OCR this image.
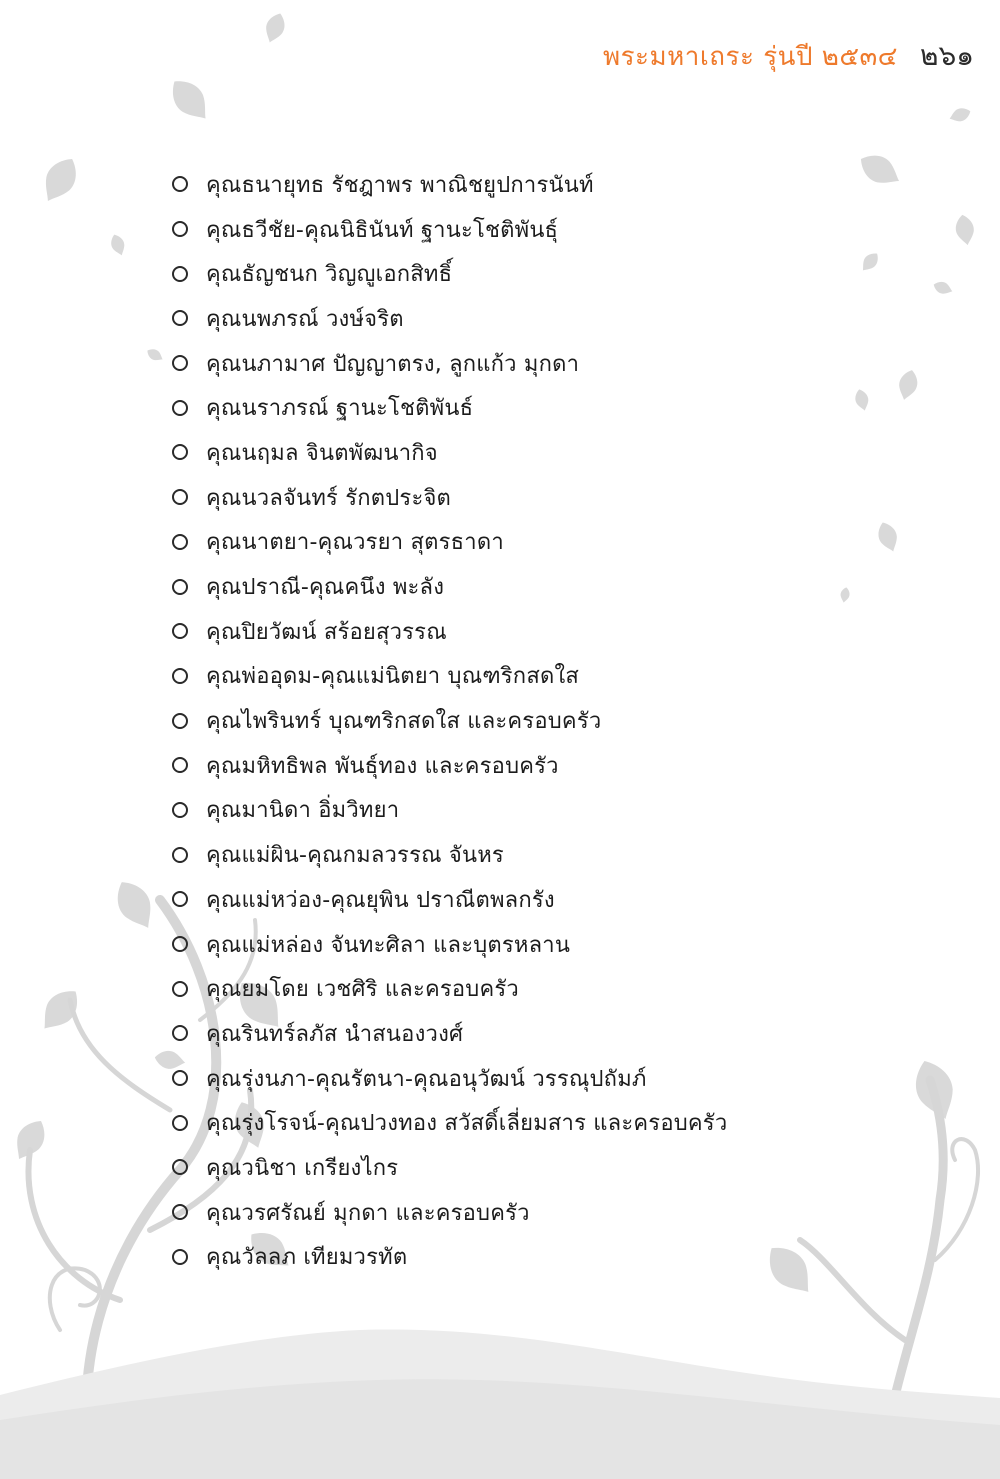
พระมหาเถระ รุ่นปี ๒๕๓๔ ๒๖๑
คุณธนายุทธ รัชฎาพร พาณิชยูปการนันท์
คุณธวีชัย-คุณนิธินันท์ ฐานะโชติพันธุ์
คุณธัญชนก วิญญูเอกสิทธิ์
คุณนพภรณ์ วงษ์จริต
คุณนภามาศ ปัญญาตรง, ลูกแก้ว มุกดา
คุณนราภรณ์ ฐานะโชติพันธ์
คุณนฤมล จินตพัฒนากิจ
คุณนวลจันทร์ รักตประจิต
คุณนาตยา-คุณวรยา สุตรธาดา
คุณปราณี-คุณคนึง พะลัง
คุณปิยวัฒน์ สร้อยสุวรรณ
คุณพ่ออุดม-คุณแม่นิตยา บุณฑริกสดใส
คุณไพรินทร์ บุณฑริกสดใส และครอบครัว
คุณมหิทธิพล พันธุ์ทอง และครอบครัว
คุณมานิดา อิ่มวิทยา
คุณแม่ผิน-คุณกมลวรรณ จันหร
คุณแม่หว่อง-คุณยุพิน ปราณีตพลกรัง
คุณแม่หล่อง จันทะศิลา และบุตรหลาน
คุณยมโดย เวชศิริ และครอบครัว
คุณรินทร์ลภัส นำสนองวงศ์
คุณรุ่งนภา-คุณรัตนา-คุณอนุวัฒน์ วรรณุปถัมภ์
คุณรุ่งโรจน์-คุณปวงทอง สวัสดิ์เลี่ยมสาร และครอบครัว
คุณวนิชา เกรียงไกร
คุณวรศรัณย์ มุกดา และครอบครัว
คุณวัลลภ เทียมวรทัต
